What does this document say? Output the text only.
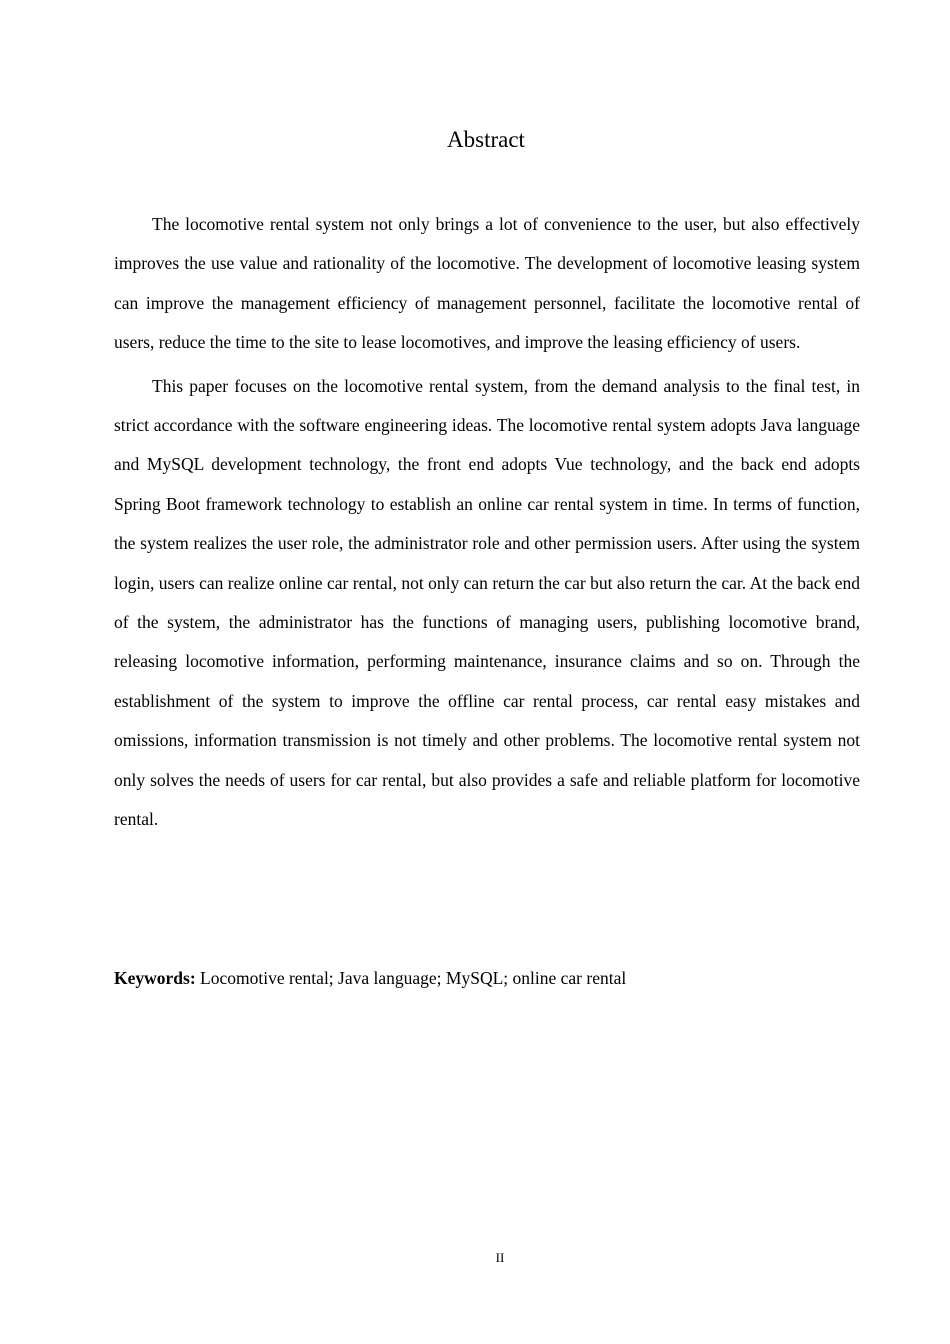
Abstract

The locomotive rental system not only brings a lot of convenience to the user, but also effectively improves the use value and rationality of the locomotive. The development of locomotive leasing system can improve the management efficiency of management personnel, facilitate the locomotive rental of users, reduce the time to the site to lease locomotives, and improve the leasing efficiency of users.

This paper focuses on the locomotive rental system, from the demand analysis to the final test, in strict accordance with the software engineering ideas. The locomotive rental system adopts Java language and MySQL development technology, the front end adopts Vue technology, and the back end adopts Spring Boot framework technology to establish an online car rental system in time. In terms of function, the system realizes the user role, the administrator role and other permission users. After using the system login, users can realize online car rental, not only can return the car but also return the car. At the back end of the system, the administrator has the functions of managing users, publishing locomotive brand, releasing locomotive information, performing maintenance, insurance claims and so on. Through the establishment of the system to improve the offline car rental process, car rental easy mistakes and omissions, information transmission is not timely and other problems. The locomotive rental system not only solves the needs of users for car rental, but also provides a safe and reliable platform for locomotive rental.

Keywords: Locomotive rental; Java language; MySQL; online car rental

II
